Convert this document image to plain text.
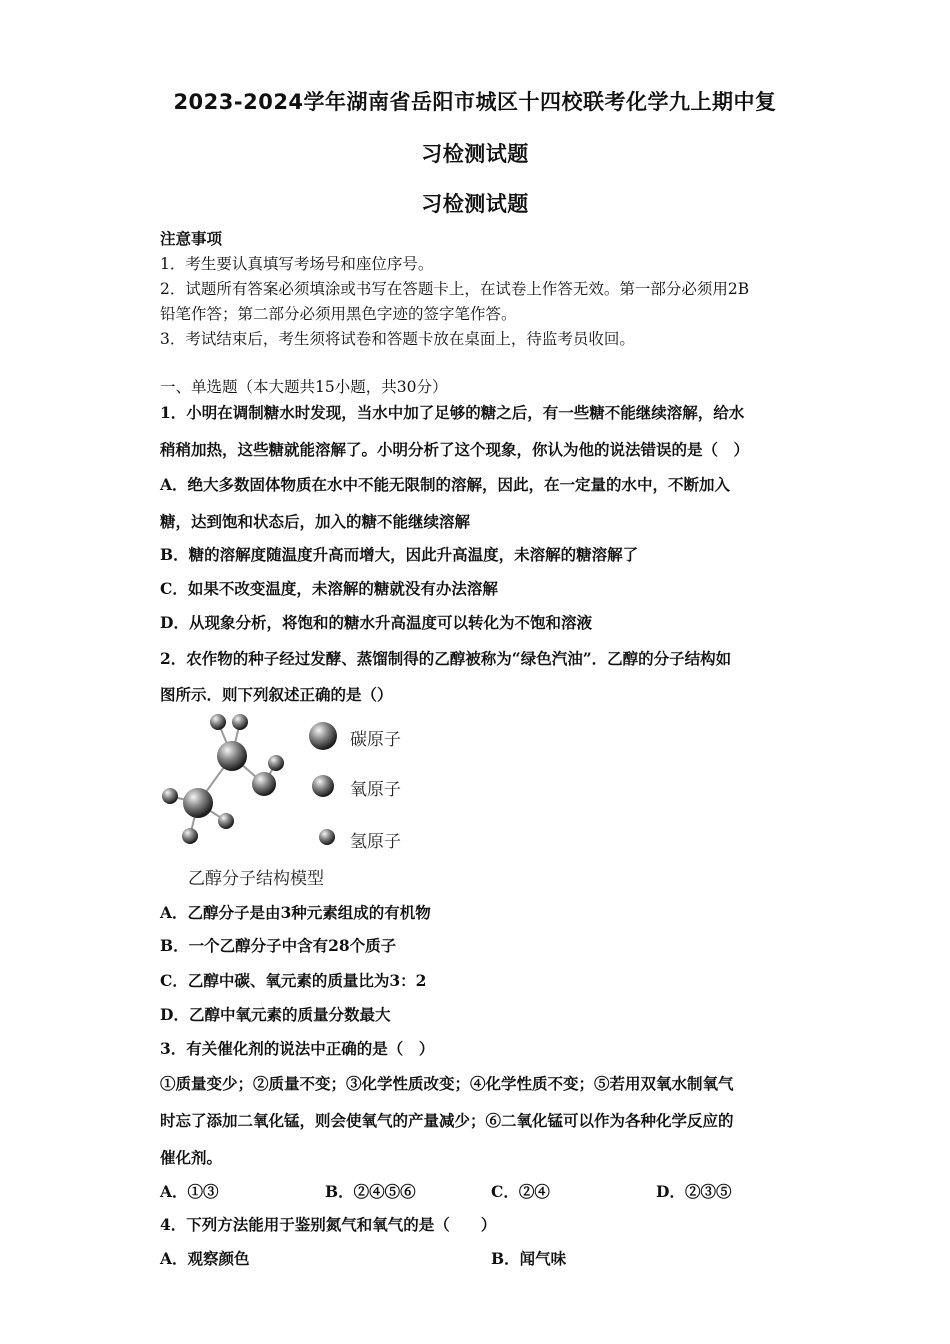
2023-2024学年湖南省岳阳市城区十四校联考化学九上期中复
习检测试题
习检测试题
注意事项
1．考生要认真填写考场号和座位序号。
2．试题所有答案必须填涂或书写在答题卡上，在试卷上作答无效。第一部分必须用2B
铅笔作答；第二部分必须用黑色字迹的签字笔作答。
3．考试结束后，考生须将试卷和答题卡放在桌面上，待监考员收回。
一、单选题（本大题共15小题，共30分）
1．小明在调制糖水时发现，当水中加了足够的糖之后，有一些糖不能继续溶解，给水
稍稍加热，这些糖就能溶解了。小明分析了这个现象，你认为他的说法错误的是（　）
A．绝大多数固体物质在水中不能无限制的溶解，因此，在一定量的水中，不断加入
糖，达到饱和状态后，加入的糖不能继续溶解
B．糖的溶解度随温度升高而增大，因此升高温度，未溶解的糖溶解了
C．如果不改变温度，未溶解的糖就没有办法溶解
D．从现象分析，将饱和的糖水升高温度可以转化为不饱和溶液
2．农作物的种子经过发酵、蒸馏制得的乙醇被称为“绿色汽油”．乙醇的分子结构如
图所示．则下列叙述正确的是（）
碳原子
氧原子
氢原子
乙醇分子结构模型
A．乙醇分子是由3种元素组成的有机物
B．一个乙醇分子中含有28个质子
C．乙醇中碳、氧元素的质量比为3：2
D．乙醇中氧元素的质量分数最大
3．有关催化剂的说法中正确的是（　）
①质量变少；②质量不变；③化学性质改变；④化学性质不变；⑤若用双氧水制氧气
时忘了添加二氧化锰，则会使氧气的产量减少；⑥二氧化锰可以作为各种化学反应的
催化剂。
A．①③	B．②④⑤⑥	C．②④	D．②③⑤
4．下列方法能用于鉴别氮气和氧气的是（　　）
A．观察颜色	B．闻气味
